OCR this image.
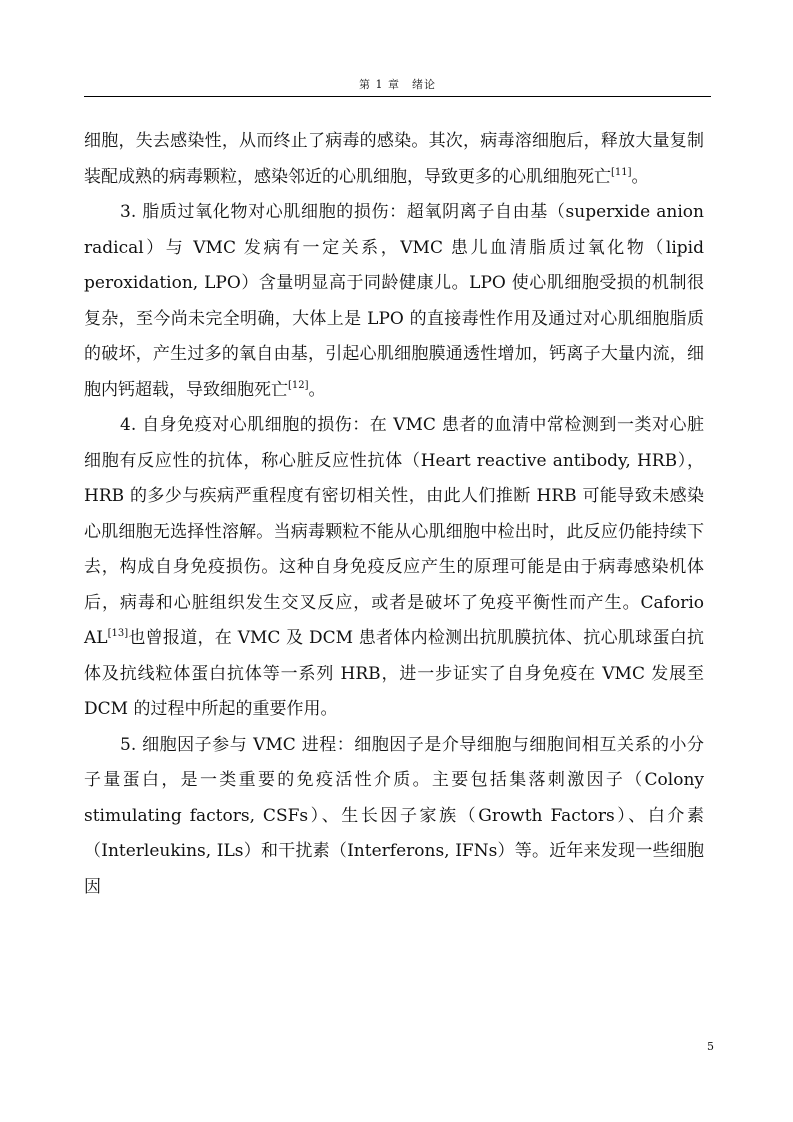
第 1 章　绪论

细胞，失去感染性，从而终止了病毒的感染。其次，病毒溶细胞后，释放大量复制装配成熟的病毒颗粒，感染邻近的心肌细胞，导致更多的心肌细胞死亡[11]。

3. 脂质过氧化物对心肌细胞的损伤：超氧阴离子自由基（superxide anion radical）与 VMC 发病有一定关系，VMC 患儿血清脂质过氧化物（lipid peroxidation, LPO）含量明显高于同龄健康儿。LPO 使心肌细胞受损的机制很复杂，至今尚未完全明确，大体上是 LPO 的直接毒性作用及通过对心肌细胞脂质的破坏，产生过多的氧自由基，引起心肌细胞膜通透性增加，钙离子大量内流，细胞内钙超载，导致细胞死亡[12]。

4. 自身免疫对心肌细胞的损伤：在 VMC 患者的血清中常检测到一类对心脏细胞有反应性的抗体，称心脏反应性抗体（Heart reactive antibody, HRB），HRB 的多少与疾病严重程度有密切相关性，由此人们推断 HRB 可能导致未感染心肌细胞无选择性溶解。当病毒颗粒不能从心肌细胞中检出时，此反应仍能持续下去，构成自身免疫损伤。这种自身免疫反应产生的原理可能是由于病毒感染机体后，病毒和心脏组织发生交叉反应，或者是破坏了免疫平衡性而产生。Caforio AL[13]也曾报道，在 VMC 及 DCM 患者体内检测出抗肌膜抗体、抗心肌球蛋白抗体及抗线粒体蛋白抗体等一系列 HRB，进一步证实了自身免疫在 VMC 发展至 DCM 的过程中所起的重要作用。

5. 细胞因子参与 VMC 进程：细胞因子是介导细胞与细胞间相互关系的小分子量蛋白，是一类重要的免疫活性介质。主要包括集落刺激因子（Colony stimulating factors, CSFs）、生长因子家族（Growth Factors）、白介素（Interleukins, ILs）和干扰素（Interferons, IFNs）等。近年来发现一些细胞因

5
